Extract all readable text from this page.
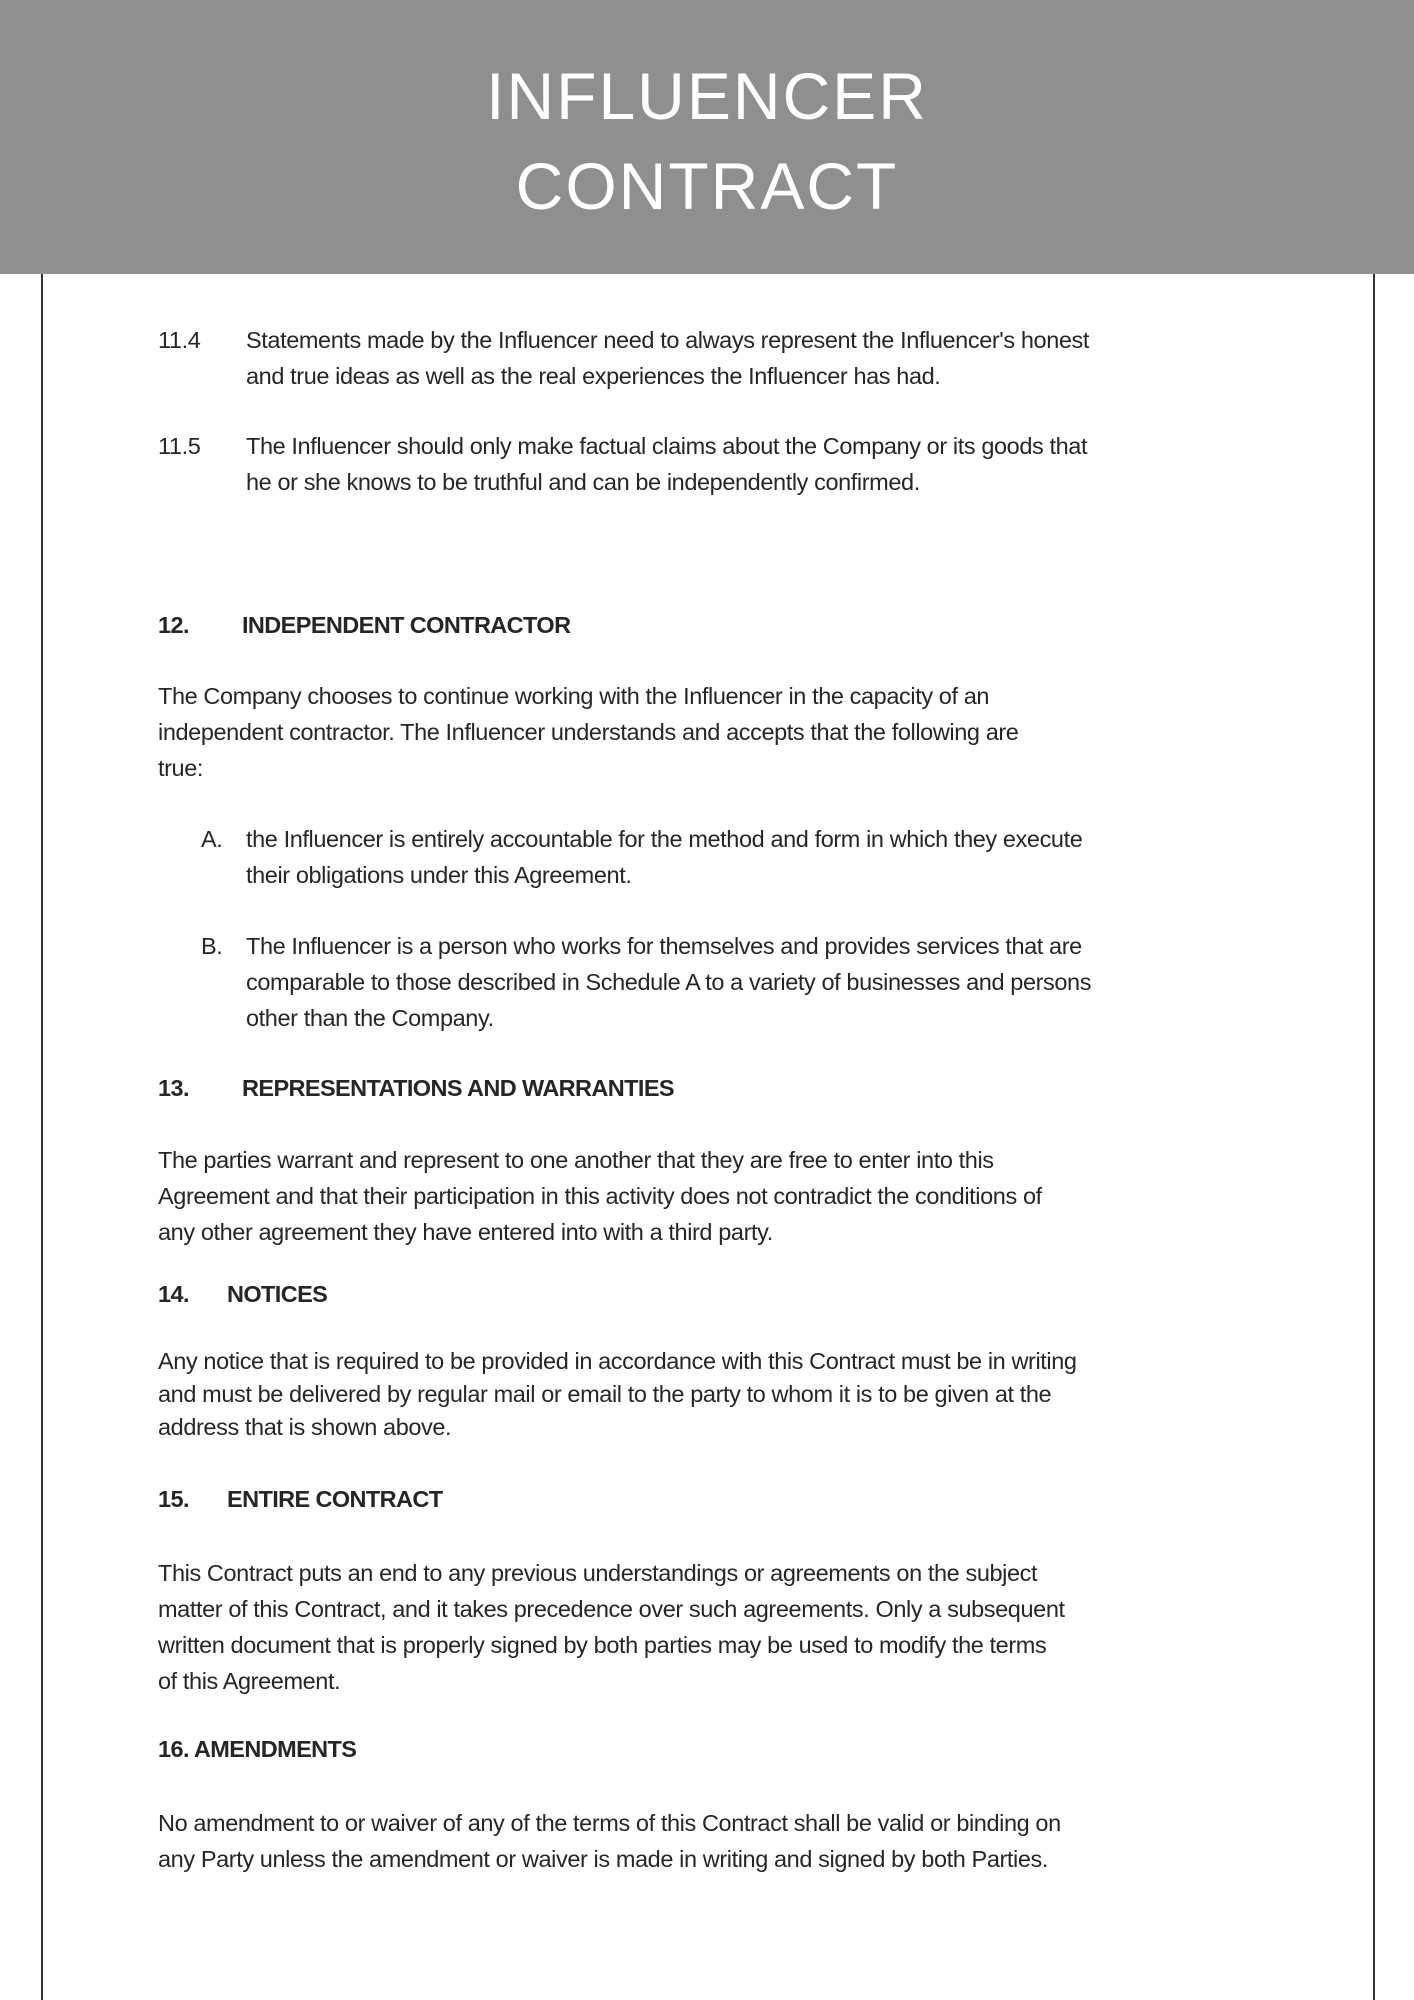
INFLUENCER
CONTRACT
11.4 Statements made by the Influencer need to always represent the Influencer's honest
and true ideas as well as the real experiences the Influencer has had.
11.5 The Influencer should only make factual claims about the Company or its goods that
he or she knows to be truthful and can be independently confirmed.
12. INDEPENDENT CONTRACTOR
The Company chooses to continue working with the Influencer in the capacity of an
independent contractor. The Influencer understands and accepts that the following are
true:
A. the Influencer is entirely accountable for the method and form in which they execute
their obligations under this Agreement.
B. The Influencer is a person who works for themselves and provides services that are
comparable to those described in Schedule A to a variety of businesses and persons
other than the Company.
13. REPRESENTATIONS AND WARRANTIES
The parties warrant and represent to one another that they are free to enter into this
Agreement and that their participation in this activity does not contradict the conditions of
any other agreement they have entered into with a third party.
14. NOTICES
Any notice that is required to be provided in accordance with this Contract must be in writing
and must be delivered by regular mail or email to the party to whom it is to be given at the
address that is shown above.
15. ENTIRE CONTRACT
This Contract puts an end to any previous understandings or agreements on the subject
matter of this Contract, and it takes precedence over such agreements. Only a subsequent
written document that is properly signed by both parties may be used to modify the terms
of this Agreement.
16. AMENDMENTS
No amendment to or waiver of any of the terms of this Contract shall be valid or binding on
any Party unless the amendment or waiver is made in writing and signed by both Parties.
